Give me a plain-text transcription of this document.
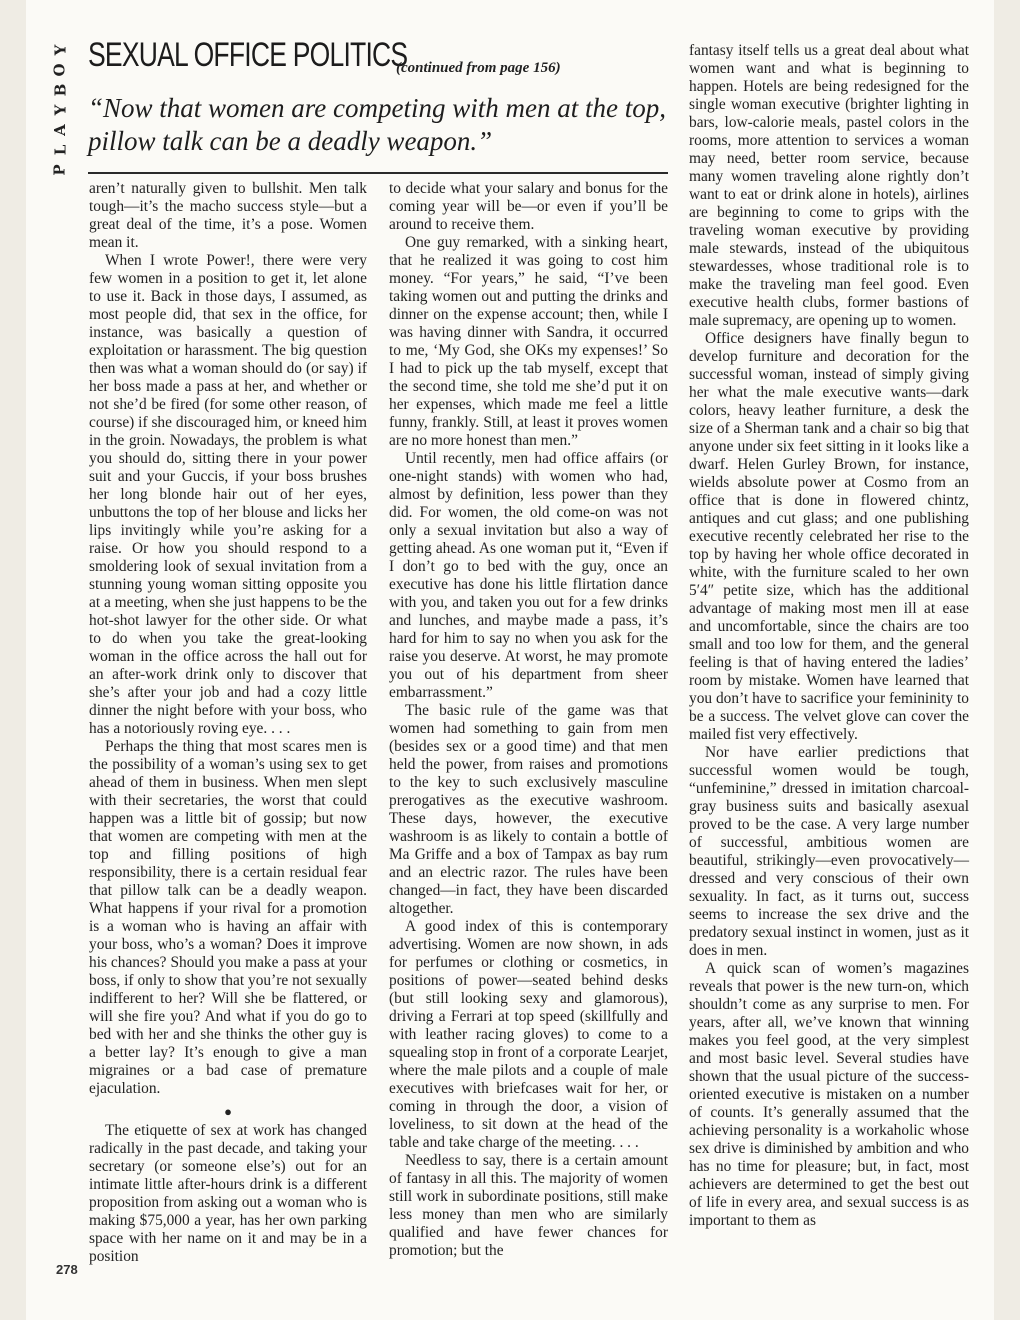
Y
O
B
Y
A
L
P
SEXUAL OFFICE POLITICS
(continued from page 156)
“Now that women are competing with men at the top, pillow talk can be a deadly weapon.”

aren’t naturally given to bullshit. Men talk tough—it’s the macho success style—but a great deal of the time, it’s a pose. Women mean it.

When I wrote Power!, there were very few women in a position to get it, let alone to use it. Back in those days, I assumed, as most people did, that sex in the office, for instance, was basically a question of exploitation or harassment. The big question then was what a woman should do (or say) if her boss made a pass at her, and whether or not she’d be fired (for some other reason, of course) if she discouraged him, or kneed him in the groin. Nowadays, the problem is what you should do, sitting there in your power suit and your Guccis, if your boss brushes her long blonde hair out of her eyes, unbuttons the top of her blouse and licks her lips invitingly while you’re asking for a raise. Or how you should respond to a smoldering look of sexual invitation from a stunning young woman sitting opposite you at a meeting, when she just happens to be the hot-shot lawyer for the other side. Or what to do when you take the great-looking woman in the office across the hall out for an after-work drink only to discover that she’s after your job and had a cozy little dinner the night before with your boss, who has a notoriously roving eye. . . .

Perhaps the thing that most scares men is the possibility of a woman’s using sex to get ahead of them in business. When men slept with their secretaries, the worst that could happen was a little bit of gossip; but now that women are competing with men at the top and filling positions of high responsibility, there is a certain residual fear that pillow talk can be a deadly weapon. What happens if your rival for a promotion is a woman who is having an affair with your boss, who’s a woman? Does it improve his chances? Should you make a pass at your boss, if only to show that you’re not sexually indifferent to her? Will she be flattered, or will she fire you? And what if you do go to bed with her and she thinks the other guy is a better lay? It’s enough to give a man migraines or a bad case of premature ejaculation.

●

The etiquette of sex at work has changed radically in the past decade, and taking your secretary (or someone else’s) out for an intimate little after-hours drink is a different proposition from asking out a woman who is making $75,000 a year, has her own parking space with her name on it and may be in a position

to decide what your salary and bonus for the coming year will be—or even if you’ll be around to receive them.

One guy remarked, with a sinking heart, that he realized it was going to cost him money. “For years,” he said, “I’ve been taking women out and putting the drinks and dinner on the expense account; then, while I was having dinner with Sandra, it occurred to me, ‘My God, she OKs my expenses!’ So I had to pick up the tab myself, except that the second time, she told me she’d put it on her expenses, which made me feel a little funny, frankly. Still, at least it proves women are no more honest than men.”

Until recently, men had office affairs (or one-night stands) with women who had, almost by definition, less power than they did. For women, the old come-on was not only a sexual invitation but also a way of getting ahead. As one woman put it, “Even if I don’t go to bed with the guy, once an executive has done his little flirtation dance with you, and taken you out for a few drinks and lunches, and maybe made a pass, it’s hard for him to say no when you ask for the raise you deserve. At worst, he may promote you out of his department from sheer embarrassment.”

The basic rule of the game was that women had something to gain from men (besides sex or a good time) and that men held the power, from raises and promotions to the key to such exclusively masculine prerogatives as the executive washroom. These days, however, the executive washroom is as likely to contain a bottle of Ma Griffe and a box of Tampax as bay rum and an electric razor. The rules have been changed—in fact, they have been discarded altogether.

A good index of this is contemporary advertising. Women are now shown, in ads for perfumes or clothing or cosmetics, in positions of power—seated behind desks (but still looking sexy and glamorous), driving a Ferrari at top speed (skillfully and with leather racing gloves) to come to a squealing stop in front of a corporate Learjet, where the male pilots and a couple of male executives with briefcases wait for her, or coming in through the door, a vision of loveliness, to sit down at the head of the table and take charge of the meeting. . . .

Needless to say, there is a certain amount of fantasy in all this. The majority of women still work in subordinate positions, still make less money than men who are similarly qualified and have fewer chances for promotion; but the

fantasy itself tells us a great deal about what women want and what is beginning to happen. Hotels are being redesigned for the single woman executive (brighter lighting in bars, low-calorie meals, pastel colors in the rooms, more attention to services a woman may need, better room service, because many women traveling alone rightly don’t want to eat or drink alone in hotels), airlines are beginning to come to grips with the traveling woman executive by providing male stewards, instead of the ubiquitous stewardesses, whose traditional role is to make the traveling man feel good. Even executive health clubs, former bastions of male supremacy, are opening up to women.

Office designers have finally begun to develop furniture and decoration for the successful woman, instead of simply giving her what the male executive wants—dark colors, heavy leather furniture, a desk the size of a Sherman tank and a chair so big that anyone under six feet sitting in it looks like a dwarf. Helen Gurley Brown, for instance, wields absolute power at Cosmo from an office that is done in flowered chintz, antiques and cut glass; and one publishing executive recently celebrated her rise to the top by having her whole office decorated in white, with the furniture scaled to her own 5′4″ petite size, which has the additional advantage of making most men ill at ease and uncomfortable, since the chairs are too small and too low for them, and the general feeling is that of having entered the ladies’ room by mistake. Women have learned that you don’t have to sacrifice your femininity to be a success. The velvet glove can cover the mailed fist very effectively.

Nor have earlier predictions that successful women would be tough, “unfeminine,” dressed in imitation charcoal-gray business suits and basically asexual proved to be the case. A very large number of successful, ambitious women are beautiful, strikingly—even provocatively—dressed and very conscious of their own sexuality. In fact, as it turns out, success seems to increase the sex drive and the predatory sexual instinct in women, just as it does in men.

A quick scan of women’s magazines reveals that power is the new turn-on, which shouldn’t come as any surprise to men. For years, after all, we’ve known that winning makes you feel good, at the very simplest and most basic level. Several studies have shown that the usual picture of the success-oriented executive is mistaken on a number of counts. It’s generally assumed that the achieving personality is a workaholic whose sex drive is diminished by ambition and who has no time for pleasure; but, in fact, most achievers are determined to get the best out of life in every area, and sexual success is as important to them as

278
